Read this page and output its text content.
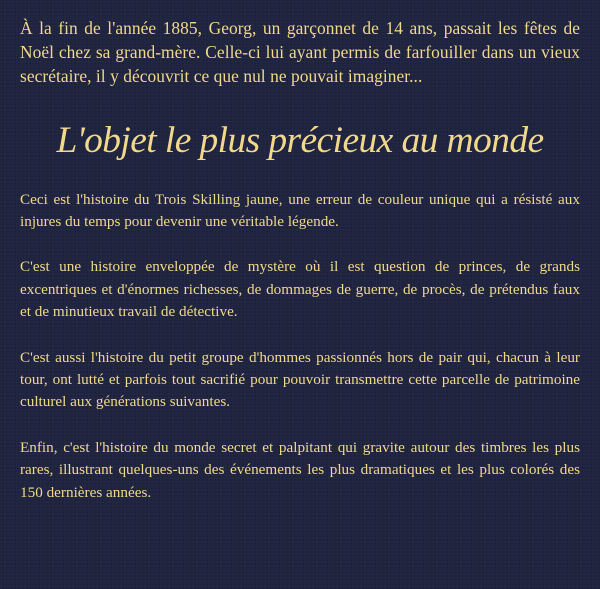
À la fin de l'année 1885, Georg, un garçonnet de 14 ans, passait les fêtes de Noël chez sa grand-mère. Celle-ci lui ayant permis de farfouiller dans un vieux secrétaire, il y découvrit ce que nul ne pouvait imaginer...

L'objet le plus précieux au monde

Ceci est l'histoire du Trois Skilling jaune, une erreur de couleur unique qui a résisté aux injures du temps pour devenir une véritable légende.

C'est une histoire enveloppée de mystère où il est question de princes, de grands excentriques et d'énormes richesses, de dommages de guerre, de procès, de prétendus faux et de minutieux travail de détective.

C'est aussi l'histoire du petit groupe d'hommes passionnés hors de pair qui, chacun à leur tour, ont lutté et parfois tout sacrifié pour pouvoir transmettre cette parcelle de patrimoine culturel aux générations suivantes.

Enfin, c'est l'histoire du monde secret et palpitant qui gravite autour des timbres les plus rares, illustrant quelques-uns des événements les plus dramatiques et les plus colorés des 150 dernières années.
